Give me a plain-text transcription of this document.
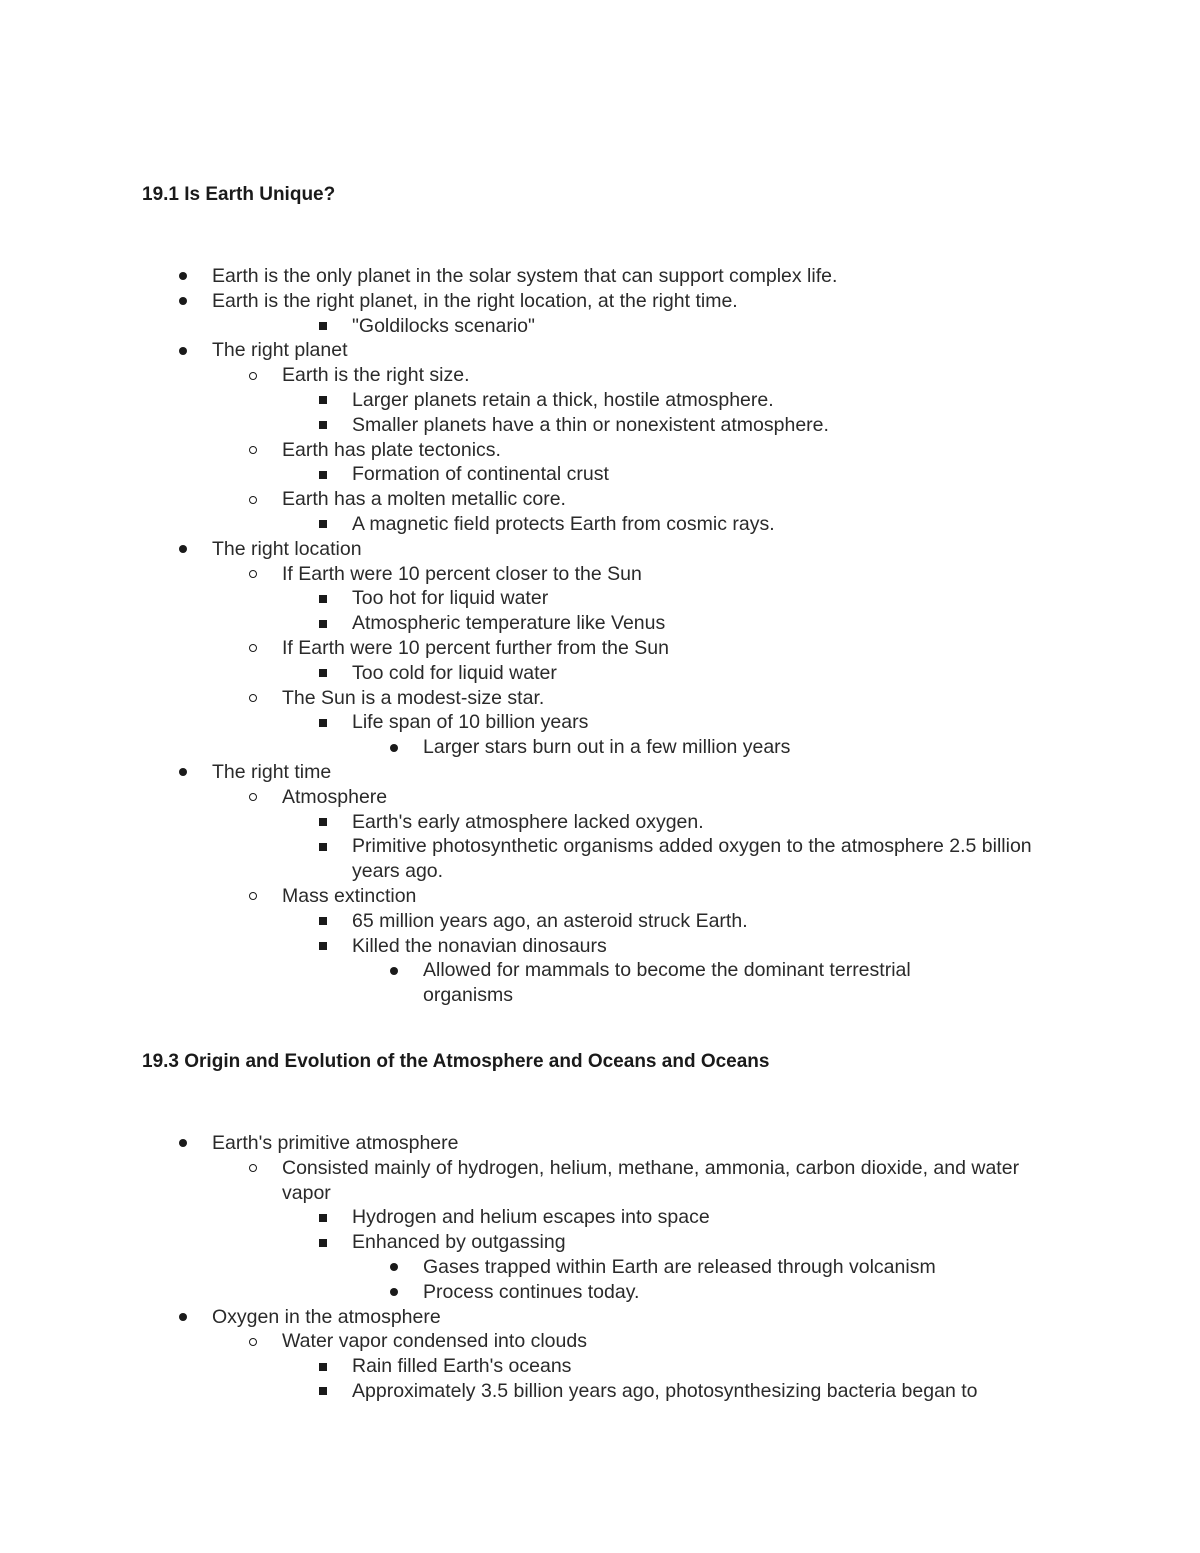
19.1 Is Earth Unique?
Earth is the only planet in the solar system that can support complex life.
Earth is the right planet, in the right location, at the right time.
"Goldilocks scenario"
The right planet
Earth is the right size.
Larger planets retain a thick, hostile atmosphere.
Smaller planets have a thin or nonexistent atmosphere.
Earth has plate tectonics.
Formation of continental crust
Earth has a molten metallic core.
A magnetic field protects Earth from cosmic rays.
The right location
If Earth were 10 percent closer to the Sun
Too hot for liquid water
Atmospheric temperature like Venus
If Earth were 10 percent further from the Sun
Too cold for liquid water
The Sun is a modest-size star.
Life span of 10 billion years
Larger stars burn out in a few million years
The right time
Atmosphere
Earth's early atmosphere lacked oxygen.
Primitive photosynthetic organisms added oxygen to the atmosphere 2.5 billion years ago.
Mass extinction
65 million years ago, an asteroid struck Earth.
Killed the nonavian dinosaurs
Allowed for mammals to become the dominant terrestrial organisms
19.3 Origin and Evolution of the Atmosphere and Oceans and Oceans
Earth's primitive atmosphere
Consisted mainly of hydrogen, helium, methane, ammonia, carbon dioxide, and water vapor
Hydrogen and helium escapes into space
Enhanced by outgassing
Gases trapped within Earth are released through volcanism
Process continues today.
Oxygen in the atmosphere
Water vapor condensed into clouds
Rain filled Earth's oceans
Approximately 3.5 billion years ago, photosynthesizing bacteria began to
